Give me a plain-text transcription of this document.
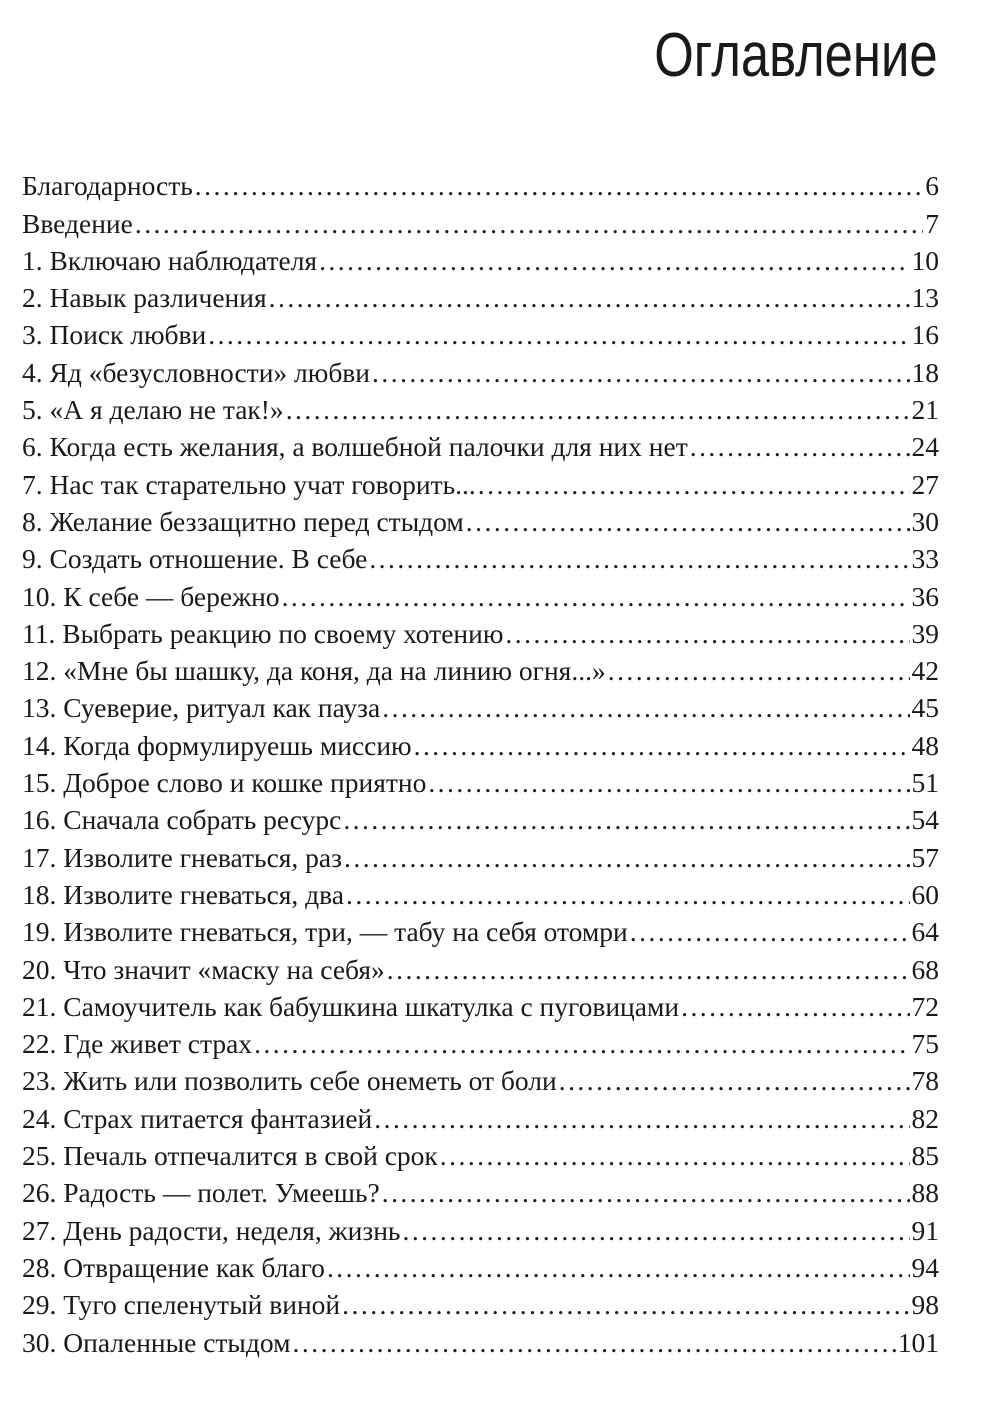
Оглавление
Благодарность . . .	6
Введение . . .	7
1. Включаю наблюдателя . . .	10
2. Навык различения . . .	13
3. Поиск любви . . .	16
4. Яд «безусловности» любви . . .	18
5. «А я делаю не так!» . . .	21
6. Когда есть желания, а волшебной палочки для них нет . . .	24
7. Нас так старательно учат говорить... . . .	27
8. Желание беззащитно перед стыдом . . .	30
9. Создать отношение. В себе . . .	33
10. К себе — бережно . . .	36
11. Выбрать реакцию по своему хотению . . .	39
12. «Мне бы шашку, да коня, да на линию огня...» . . .	42
13. Суеверие, ритуал как пауза . . .	45
14. Когда формулируешь миссию . . .	48
15. Доброе слово и кошке приятно . . .	51
16. Сначала собрать ресурс . . .	54
17. Изволите гневаться, раз . . .	57
18. Изволите гневаться, два . . .	60
19. Изволите гневаться, три, — табу на себя отомри . . .	64
20. Что значит «маску на себя» . . .	68
21. Самоучитель как бабушкина шкатулка с пуговицами . . .	72
22. Где живет страх . . .	75
23. Жить или позволить себе онеметь от боли . . .	78
24. Страх питается фантазией . . .	82
25. Печаль отпечалится в свой срок . . .	85
26. Радость — полет. Умеешь? . . .	88
27. День радости, неделя, жизнь . . .	91
28. Отвращение как благо . . .	94
29. Туго спеленутый виной . . .	98
30. Опаленные стыдом . . .	101
